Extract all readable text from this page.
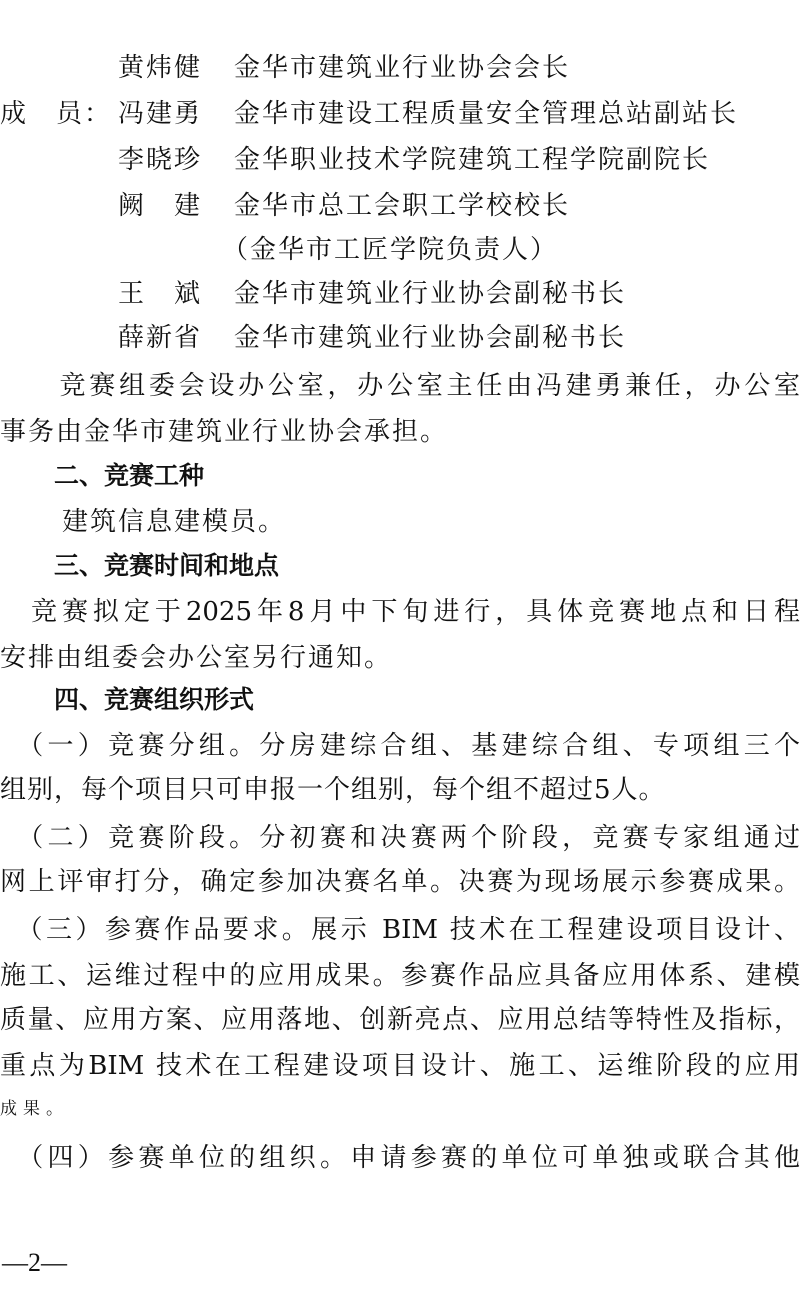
黄炜健 金华市建筑业行业协会会长
成　员： 冯建勇 金华市建设工程质量安全管理总站副站长
李晓珍 金华职业技术学院建筑工程学院副院长
阙　建 金华市总工会职工学校校长
（金华市工匠学院负责人）
王　斌 金华市建筑业行业协会副秘书长
薛新省 金华市建筑业行业协会副秘书长
　　竞赛组委会设办公室，办公室主任由冯建勇兼任，办公室
事务由金华市建筑业行业协会承担。
二、竞赛工种
建筑信息建模员。
三、竞赛时间和地点
　竞赛拟定于2025年8月中下旬进行，具体竞赛地点和日程
安排由组委会办公室另行通知。
四、竞赛组织形式
　（一）竞赛分组。分房建综合组、基建综合组、专项组三个
组别，每个项目只可申报一个组别，每个组不超过5人。
　（二）竞赛阶段。分初赛和决赛两个阶段，竞赛专家组通过
网上评审打分，确定参加决赛名单。决赛为现场展示参赛成果。
　（三）参赛作品要求。展示 BIM 技术在工程建设项目设计、
施工、运维过程中的应用成果。参赛作品应具备应用体系、建模
质量、应用方案、应用落地、创新亮点、应用总结等特性及指标，
重点为BIM 技术在工程建设项目设计、施工、运维阶段的应用
成果。
　（四）参赛单位的组织。申请参赛的单位可单独或联合其他
—2—
